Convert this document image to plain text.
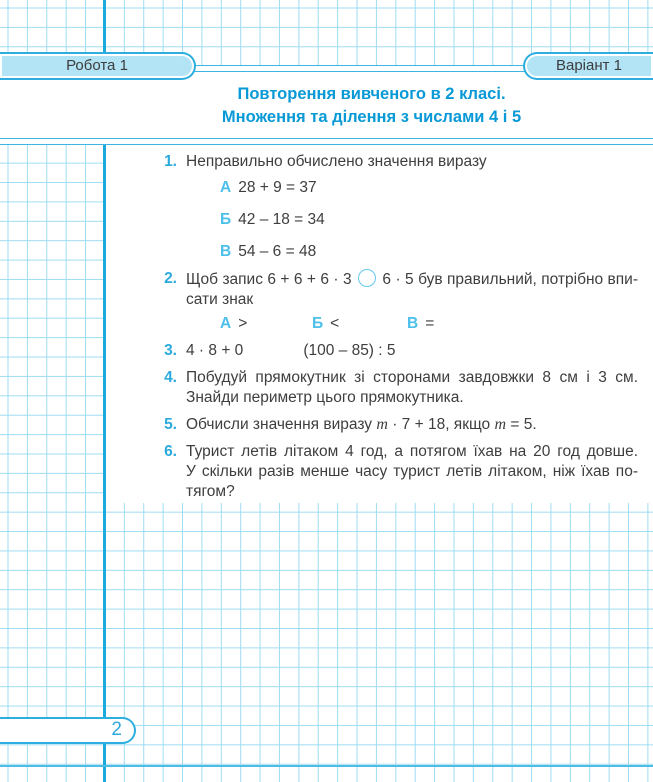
Робота 1	Варіант 1
Повторення вивченого в 2 класі.
Множення та ділення з числами 4 і 5
1. Неправильно обчислено значення виразу
А 28 + 9 = 37
Б 42 – 18 = 34
В 54 – 6 = 48
2. Щоб запис 6 + 6 + 6 · 3  6 · 5 був правильний, потрібно впи-
сати знак
А >	Б <	В =
3. 4 · 8 + 0	(100 – 85) : 5
4. Побудуй прямокутник зі сторонами завдовжки 8 см і 3 см.
Знайди периметр цього прямокутника.
5. Обчисли значення виразу m · 7 + 18, якщо m = 5.
6. Турист летів літаком 4 год, а потягом їхав на 20 год довше.
У скільки разів менше часу турист летів літаком, ніж їхав по-
тягом?
2
